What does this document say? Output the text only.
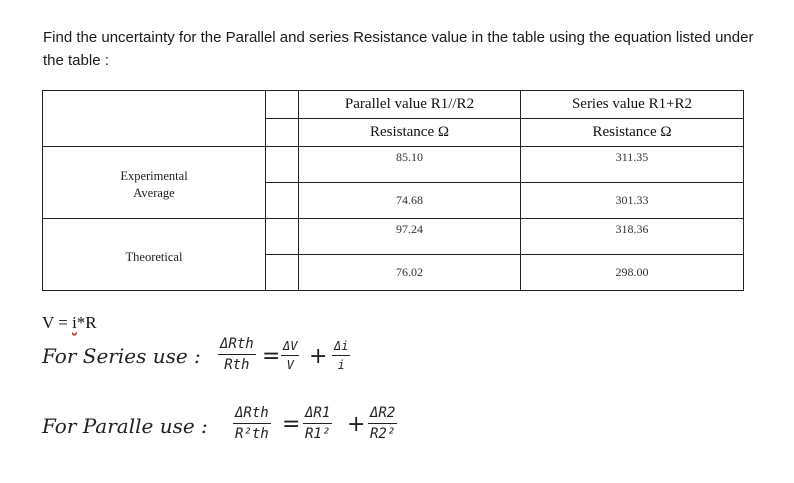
Find the uncertainty for the Parallel and series Resistance value in the table using the equation listed under the table :
		Parallel value R1//R2	Series value R1+R2
		Resistance Ω	Resistance Ω
Experimental Average		85.10	311.35
		74.68	301.33
Theoretical		97.24	318.36
		76.02	298.00
V = i*R
For Series use : ΔRth
Rth = $\frac{\Delta V}{V} + \frac{\Delta i}{i}$
For Paralle use :
ΔRth
$R^2th = \frac{\Delta R1}{\text{R1²}} + \frac{\Delta R2}{\text{R2²}}$
